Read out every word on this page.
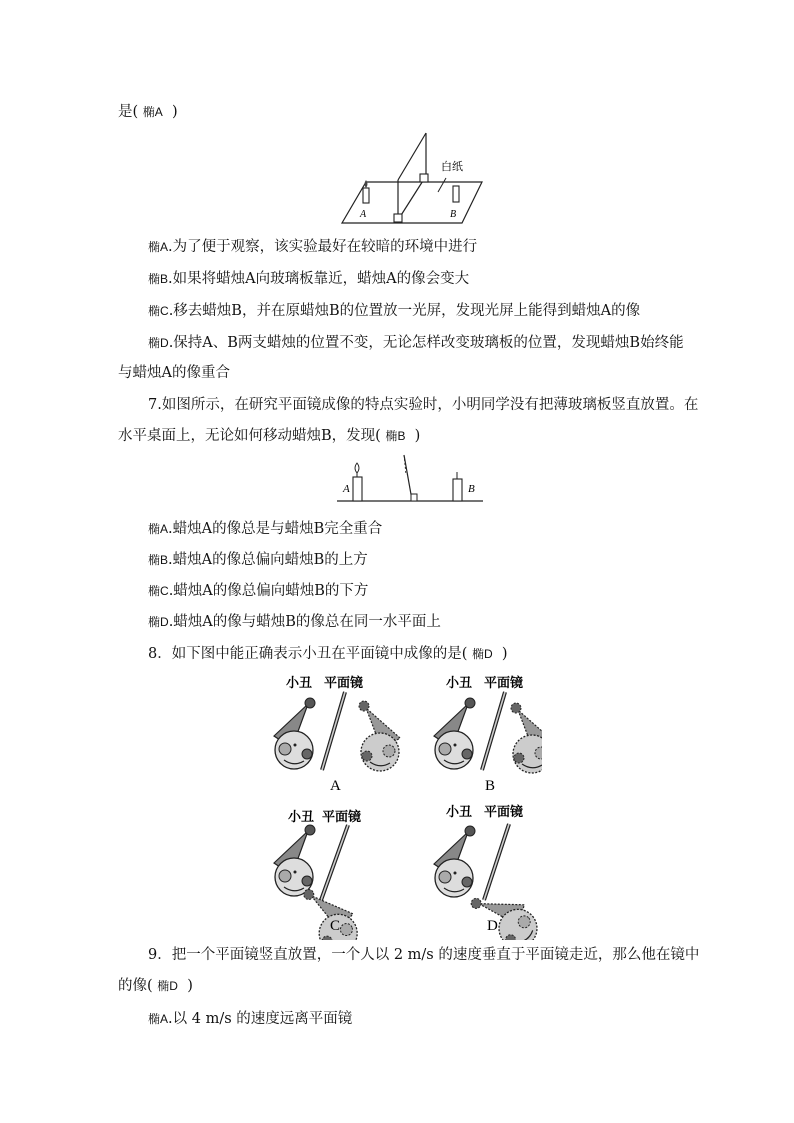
是( 椭A )
白纸
A	B
椭A.为了便于观察，该实验最好在较暗的环境中进行
椭B.如果将蜡烛A向玻璃板靠近，蜡烛A的像会变大
椭C.移去蜡烛B，并在原蜡烛B的位置放一光屏，发现光屏上能得到蜡烛A的像
椭D.保持A、B两支蜡烛的位置不变，无论怎样改变玻璃板的位置，发现蜡烛B始终能
与蜡烛A的像重合
7.如图所示，在研究平面镜成像的特点实验时，小明同学没有把薄玻璃板竖直放置。在
水平桌面上，无论如何移动蜡烛B，发现( 椭B )
A	B
椭A.蜡烛A的像总是与蜡烛B完全重合
椭B.蜡烛A的像总偏向蜡烛B的上方
椭C.蜡烛A的像总偏向蜡烛B的下方
椭D.蜡烛A的像与蜡烛B的像总在同一水平面上
8．如下图中能正确表示小丑在平面镜中成像的是( 椭D )
小丑 平面镜
A
小丑 平面镜
B
小丑 平面镜
C
小丑 平面镜
D
9．把一个平面镜竖直放置，一个人以 2 m/s 的速度垂直于平面镜走近，那么他在镜中
的像( 椭D )
椭A.以 4 m/s 的速度远离平面镜
